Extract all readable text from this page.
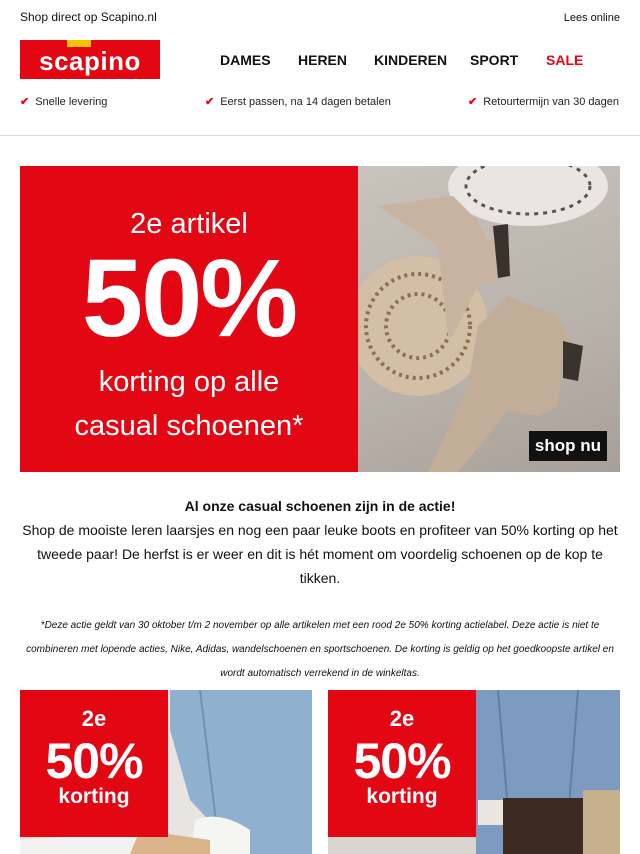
Shop direct op Scapino.nl	Lees online
scapino	DAMES HEREN KINDEREN SPORT SALE
✔ Snelle levering	✔ Eerst passen, na 14 dagen betalen	✔ Retourtermijn van 30 dagen
2e artikel
50%
korting op alle
casual schoenen*
shop nu
Al onze casual schoenen zijn in de actie!
Shop de mooiste leren laarsjes en nog een paar leuke boots en profiteer van 50% korting op het tweede paar! De herfst is er weer en dit is hét moment om voordelig schoenen op de kop te tikken.
*Deze actie geldt van 30 oktober t/m 2 november op alle artikelen met een rood 2e 50% korting actielabel. Deze actie is niet te combineren met lopende acties, Nike, Adidas, wandelschoenen en sportschoenen. De korting is geldig op het goedkoopste artikel en wordt automatisch verrekend in de winkeltas.
2e
50%
korting
2e
50%
korting
